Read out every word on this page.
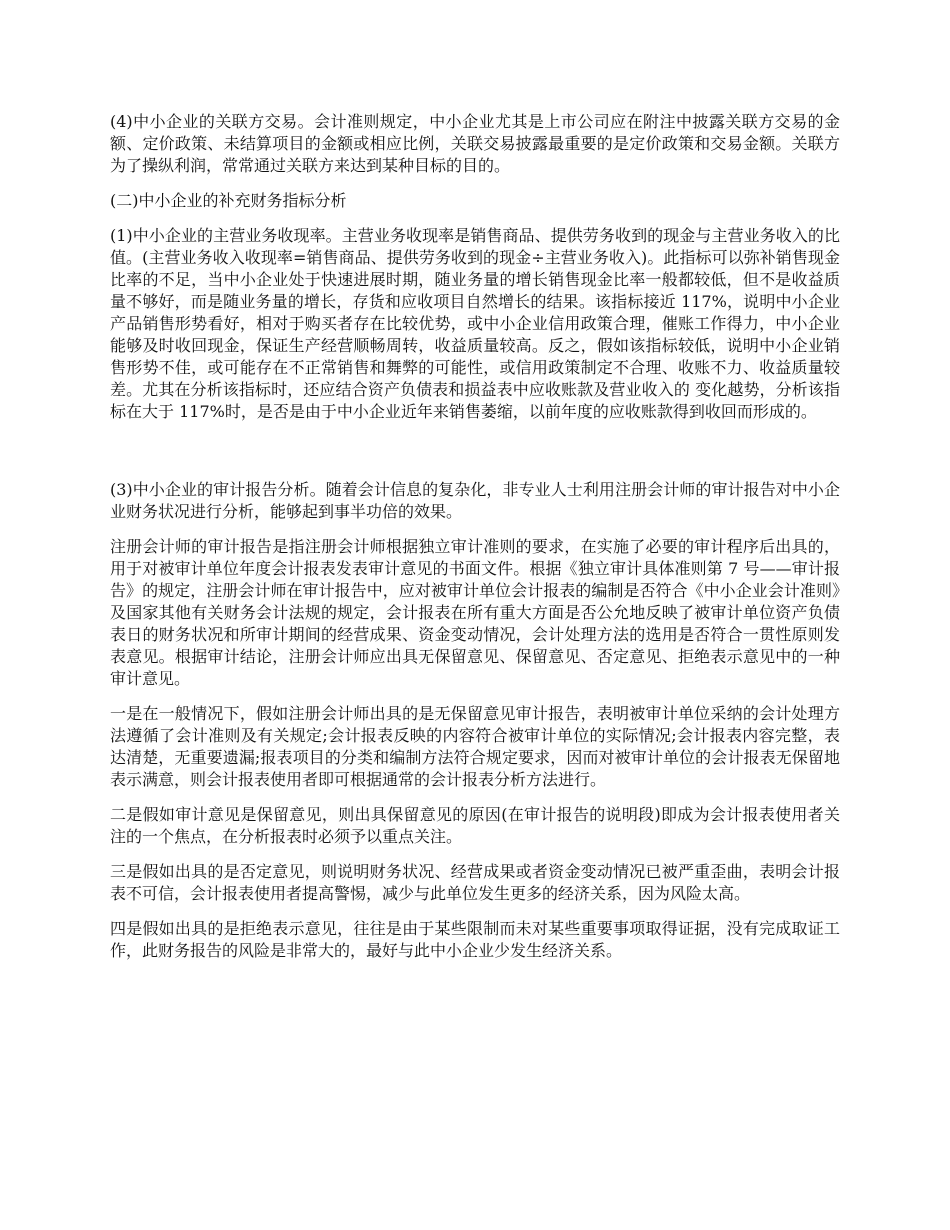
(4)中小企业的关联方交易。会计准则规定，中小企业尤其是上市公司应在附注中披露关联方交易的金额、定价政策、未结算项目的金额或相应比例，关联交易披露最重要的是定价政策和交易金额。关联方为了操纵利润，常常通过关联方来达到某种目标的目的。

(二)中小企业的补充财务指标分析

(1)中小企业的主营业务收现率。主营业务收现率是销售商品、提供劳务收到的现金与主营业务收入的比值。(主营业务收入收现率=销售商品、提供劳务收到的现金÷主营业务收入)。此指标可以弥补销售现金比率的不足，当中小企业处于快速进展时期，随业务量的增长销售现金比率一般都较低，但不是收益质量不够好，而是随业务量的增长，存货和应收项目自然增长的结果。该指标接近 117%，说明中小企业产品销售形势看好，相对于购买者存在比较优势，或中小企业信用政策合理，催账工作得力，中小企业能够及时收回现金，保证生产经营顺畅周转，收益质量较高。反之，假如该指标较低，说明中小企业销售形势不佳，或可能存在不正常销售和舞弊的可能性，或信用政策制定不合理、收账不力、收益质量较差。尤其在分析该指标时，还应结合资产负债表和损益表中应收账款及营业收入的 变化越势，分析该指标在大于 117%时，是否是由于中小企业近年来销售萎缩，以前年度的应收账款得到收回而形成的。

(3)中小企业的审计报告分析。随着会计信息的复杂化，非专业人士利用注册会计师的审计报告对中小企业财务状况进行分析，能够起到事半功倍的效果。

注册会计师的审计报告是指注册会计师根据独立审计准则的要求，在实施了必要的审计程序后出具的，用于对被审计单位年度会计报表发表审计意见的书面文件。根据《独立审计具体准则第 7 号——审计报告》的规定，注册会计师在审计报告中，应对被审计单位会计报表的编制是否符合《中小企业会计准则》及国家其他有关财务会计法规的规定，会计报表在所有重大方面是否公允地反映了被审计单位资产负债表日的财务状况和所审计期间的经营成果、资金变动情况，会计处理方法的选用是否符合一贯性原则发表意见。根据审计结论，注册会计师应出具无保留意见、保留意见、否定意见、拒绝表示意见中的一种审计意见。

一是在一般情况下，假如注册会计师出具的是无保留意见审计报告，表明被审计单位采纳的会计处理方法遵循了会计准则及有关规定;会计报表反映的内容符合被审计单位的实际情况;会计报表内容完整，表达清楚，无重要遗漏;报表项目的分类和编制方法符合规定要求，因而对被审计单位的会计报表无保留地表示满意，则会计报表使用者即可根据通常的会计报表分析方法进行。

二是假如审计意见是保留意见，则出具保留意见的原因(在审计报告的说明段)即成为会计报表使用者关注的一个焦点，在分析报表时必须予以重点关注。

三是假如出具的是否定意见，则说明财务状况、经营成果或者资金变动情况已被严重歪曲，表明会计报表不可信，会计报表使用者提高警惕，减少与此单位发生更多的经济关系，因为风险太高。

四是假如出具的是拒绝表示意见，往往是由于某些限制而未对某些重要事项取得证据，没有完成取证工作，此财务报告的风险是非常大的，最好与此中小企业少发生经济关系。
